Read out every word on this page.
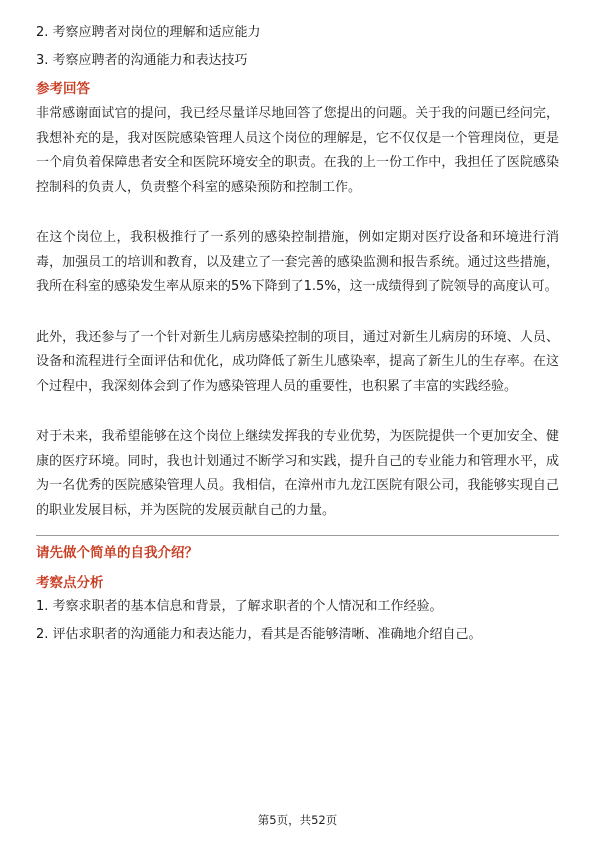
2. 考察应聘者对岗位的理解和适应能力
3. 考察应聘者的沟通能力和表达技巧
参考回答

非常感谢面试官的提问，我已经尽量详尽地回答了您提出的问题。关于我的问题已经问完，我想补充的是，我对医院感染管理人员这个岗位的理解是，它不仅仅是一个管理岗位，更是一个肩负着保障患者安全和医院环境安全的职责。在我的上一份工作中，我担任了医院感染控制科的负责人，负责整个科室的感染预防和控制工作。

在这个岗位上，我积极推行了一系列的感染控制措施，例如定期对医疗设备和环境进行消毒，加强员工的培训和教育，以及建立了一套完善的感染监测和报告系统。通过这些措施，我所在科室的感染发生率从原来的5%下降到了1.5%，这一成绩得到了院领导的高度认可。

此外，我还参与了一个针对新生儿病房感染控制的项目，通过对新生儿病房的环境、人员、设备和流程进行全面评估和优化，成功降低了新生儿感染率，提高了新生儿的生存率。在这个过程中，我深刻体会到了作为感染管理人员的重要性，也积累了丰富的实践经验。

对于未来，我希望能够在这个岗位上继续发挥我的专业优势，为医院提供一个更加安全、健康的医疗环境。同时，我也计划通过不断学习和实践，提升自己的专业能力和管理水平，成为一名优秀的医院感染管理人员。我相信，在漳州市九龙江医院有限公司，我能够实现自己的职业发展目标，并为医院的发展贡献自己的力量。

请先做个简单的自我介绍？
考察点分析
1. 考察求职者的基本信息和背景，了解求职者的个人情况和工作经验。
2. 评估求职者的沟通能力和表达能力，看其是否能够清晰、准确地介绍自己。
第5页，共52页
